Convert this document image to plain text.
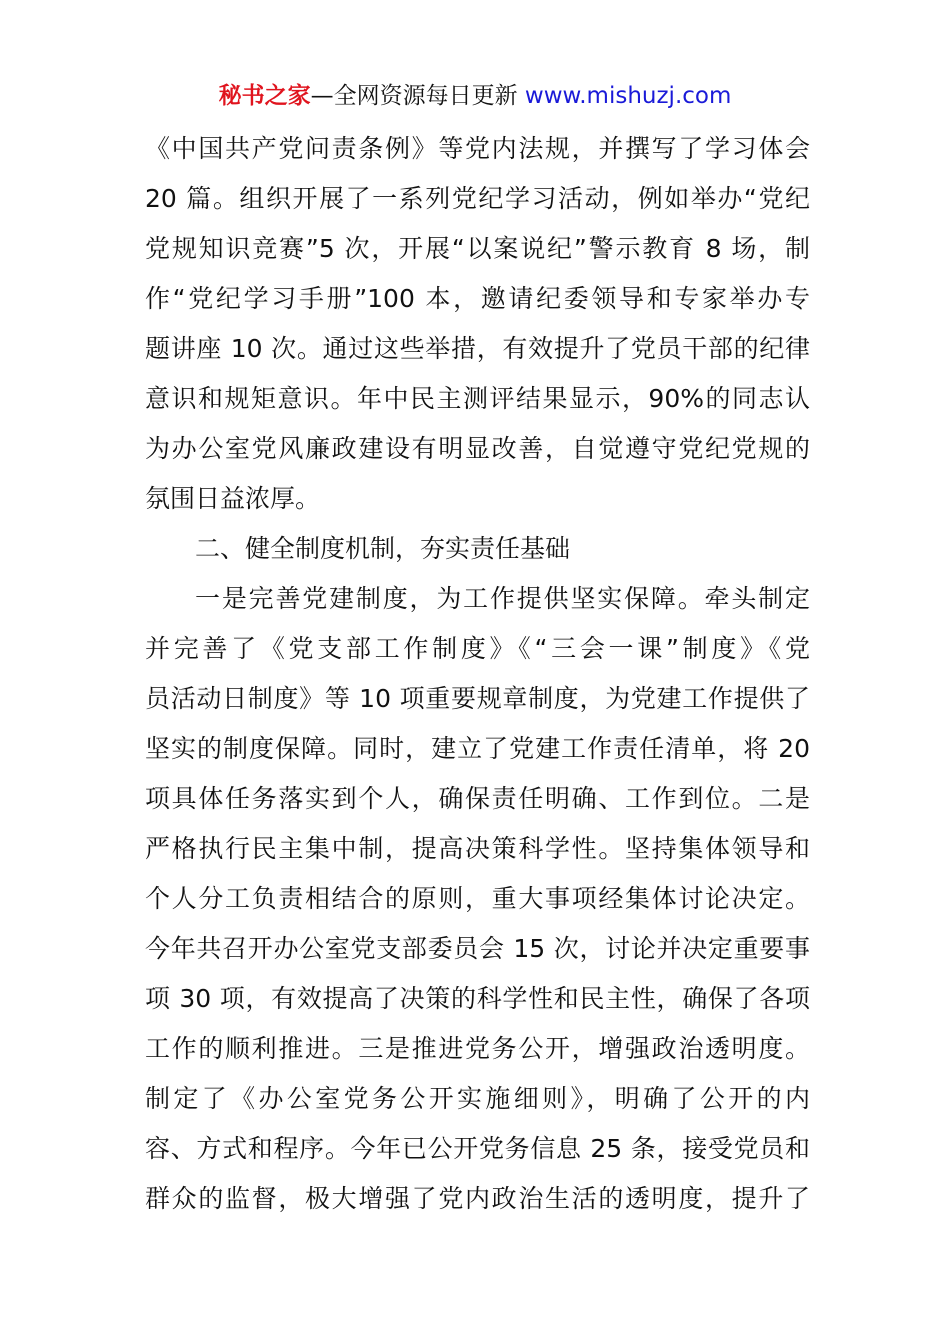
秘书之家—全网资源每日更新 www.mishuzj.com
《中国共产党问责条例》等党内法规，并撰写了学习体会
20 篇。组织开展了一系列党纪学习活动，例如举办“党纪
党规知识竞赛”5 次，开展“以案说纪”警示教育 8 场，制
作“党纪学习手册”100 本，邀请纪委领导和专家举办专
题讲座 10 次。通过这些举措，有效提升了党员干部的纪律
意识和规矩意识。年中民主测评结果显示，90%的同志认
为办公室党风廉政建设有明显改善，自觉遵守党纪党规的
氛围日益浓厚。
二、健全制度机制，夯实责任基础
一是完善党建制度，为工作提供坚实保障。牵头制定
并完善了《党支部工作制度》《“三会一课”制度》《党
员活动日制度》等 10 项重要规章制度，为党建工作提供了
坚实的制度保障。同时，建立了党建工作责任清单，将 20
项具体任务落实到个人，确保责任明确、工作到位。二是
严格执行民主集中制，提高决策科学性。坚持集体领导和
个人分工负责相结合的原则，重大事项经集体讨论决定。
今年共召开办公室党支部委员会 15 次，讨论并决定重要事
项 30 项，有效提高了决策的科学性和民主性，确保了各项
工作的顺利推进。三是推进党务公开，增强政治透明度。
制定了《办公室党务公开实施细则》，明确了公开的内
容、方式和程序。今年已公开党务信息 25 条，接受党员和
群众的监督，极大增强了党内政治生活的透明度，提升了
